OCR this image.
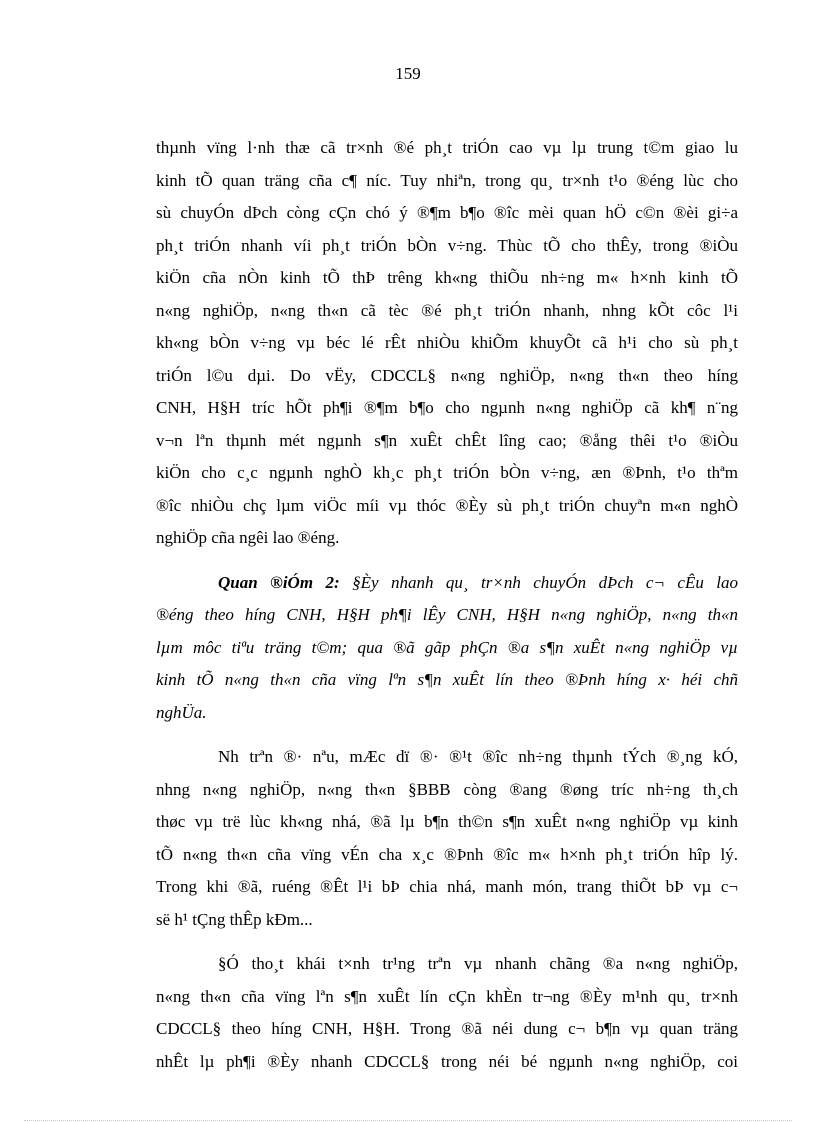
159
thµnh vïng l·nh thæ cã tr×nh ®é ph¸t triÓn cao vµ lµ trung t©m giao lu
kinh tÕ quan träng cña c¶ níc. Tuy nhiªn, trong qu¸ tr×nh t¹o ®éng lùc cho
sù chuyÓn dÞch còng cÇn chó ý ®¶m b¶o ®îc mèi quan hÖ c©n ®èi gi÷a
ph¸t triÓn nhanh víi ph¸t triÓn bÒn v÷ng. Thùc tÕ cho thÊy, trong ®iÒu
kiÖn cña nÒn kinh tÕ thÞ trêng kh«ng thiÕu nh÷ng m« h×nh kinh tÕ
n«ng nghiÖp, n«ng th«n cã tèc ®é ph¸t triÓn nhanh, nhng kÕt côc l¹i
kh«ng bÒn v÷ng vµ béc lé rÊt nhiÒu khiÕm khuyÕt cã h¹i cho sù ph¸t
triÓn l©u dµi. Do vËy, CDCCL§ n«ng nghiÖp, n«ng th«n theo híng
CNH, H§H tríc hÕt ph¶i ®¶m b¶o cho ngµnh n«ng nghiÖp cã kh¶ n¨ng
v¬n lªn thµnh mét ngµnh s¶n xuÊt chÊt lîng cao; ®ång thêi t¹o ®iÒu
kiÖn cho c¸c ngµnh nghÒ kh¸c ph¸t triÓn bÒn v÷ng, æn ®Þnh, t¹o thªm
®îc nhiÒu chç lµm viÖc míi vµ thóc ®Èy sù ph¸t triÓn chuyªn m«n nghÒ
nghiÖp cña ngêi lao ®éng.
Quan ®iÓm 2: §Èy nhanh qu¸ tr×nh chuyÓn dÞch c¬ cÊu lao
®éng theo híng CNH, H§H ph¶i lÊy CNH, H§H n«ng nghiÖp, n«ng th«n
lµm môc tiªu träng t©m; qua ®ã gãp phÇn ®a s¶n xuÊt n«ng nghiÖp vµ
kinh tÕ n«ng th«n cña vïng lªn s¶n xuÊt lín theo ®Þnh híng x· héi chñ
nghÜa.
Nh trªn ®· nªu, mÆc dï ®· ®¹t ®îc nh÷ng thµnh tÝch ®¸ng kÓ,
nhng n«ng nghiÖp, n«ng th«n §BBB còng ®ang ®øng tríc nh÷ng th¸ch
thøc vµ trë lùc kh«ng nhá, ®ã lµ b¶n th©n s¶n xuÊt n«ng nghiÖp vµ kinh
tÕ n«ng th«n cña vïng vÉn cha x¸c ®Þnh ®îc m« h×nh ph¸t triÓn hîp lý.
Trong khi ®ã, ruéng ®Êt l¹i bÞ chia nhá, manh món, trang thiÕt bÞ vµ c¬
së h¹ tÇng thÊp kÐm...
§Ó tho¸t khái t×nh tr¹ng trªn vµ nhanh chãng ®a n«ng nghiÖp,
n«ng th«n cña vïng lªn s¶n xuÊt lín cÇn khÈn tr¬ng ®Èy m¹nh qu¸ tr×nh
CDCCL§ theo híng CNH, H§H. Trong ®ã néi dung c¬ b¶n vµ quan träng
nhÊt lµ ph¶i ®Èy nhanh CDCCL§ trong néi bé ngµnh n«ng nghiÖp, coi
